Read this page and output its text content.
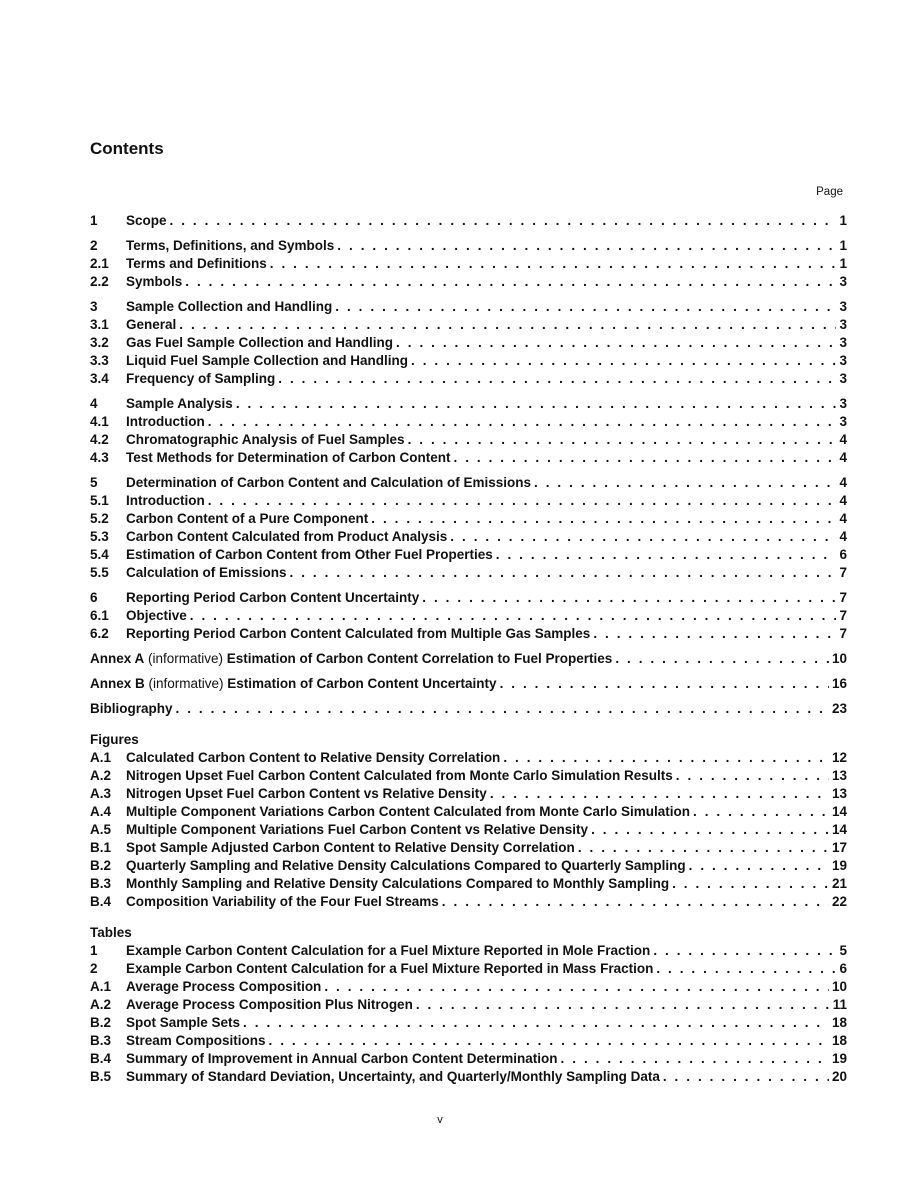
Contents
Page
1	Scope . . .	1
2	Terms, Definitions, and Symbols . . .	1
2.1	Terms and Definitions . . .	1
2.2	Symbols . . .	3
3	Sample Collection and Handling . . .	3
3.1	General . . .	3
3.2	Gas Fuel Sample Collection and Handling . . .	3
3.3	Liquid Fuel Sample Collection and Handling . . .	3
3.4	Frequency of Sampling . . .	3
4	Sample Analysis . . .	3
4.1	Introduction . . .	3
4.2	Chromatographic Analysis of Fuel Samples . . .	4
4.3	Test Methods for Determination of Carbon Content . . .	4
5	Determination of Carbon Content and Calculation of Emissions . . .	4
5.1	Introduction . . .	4
5.2	Carbon Content of a Pure Component . . .	4
5.3	Carbon Content Calculated from Product Analysis . . .	4
5.4	Estimation of Carbon Content from Other Fuel Properties . . .	6
5.5	Calculation of Emissions . . .	7
6	Reporting Period Carbon Content Uncertainty . . .	7
6.1	Objective . . .	7
6.2	Reporting Period Carbon Content Calculated from Multiple Gas Samples . . .	7
Annex A (informative) Estimation of Carbon Content Correlation to Fuel Properties . . .	10
Annex B (informative) Estimation of Carbon Content Uncertainty . . .	16
Bibliography . . .	23
Figures
A.1	Calculated Carbon Content to Relative Density Correlation . . .	12
A.2	Nitrogen Upset Fuel Carbon Content Calculated from Monte Carlo Simulation Results . . .	13
A.3	Nitrogen Upset Fuel Carbon Content vs Relative Density . . .	13
A.4	Multiple Component Variations Carbon Content Calculated from Monte Carlo Simulation . . .	14
A.5	Multiple Component Variations Fuel Carbon Content vs Relative Density . . .	14
B.1	Spot Sample Adjusted Carbon Content to Relative Density Correlation . . .	17
B.2	Quarterly Sampling and Relative Density Calculations Compared to Quarterly Sampling . . .	19
B.3	Monthly Sampling and Relative Density Calculations Compared to Monthly Sampling . . .	21
B.4	Composition Variability of the Four Fuel Streams . . .	22
Tables
1	Example Carbon Content Calculation for a Fuel Mixture Reported in Mole Fraction . . .	5
2	Example Carbon Content Calculation for a Fuel Mixture Reported in Mass Fraction . . .	6
A.1	Average Process Composition . . .	10
A.2	Average Process Composition Plus Nitrogen . . .	11
B.2	Spot Sample Sets . . .	18
B.3	Stream Compositions . . .	18
B.4	Summary of Improvement in Annual Carbon Content Determination . . .	19
B.5	Summary of Standard Deviation, Uncertainty, and Quarterly/Monthly Sampling Data . . .	20
v
